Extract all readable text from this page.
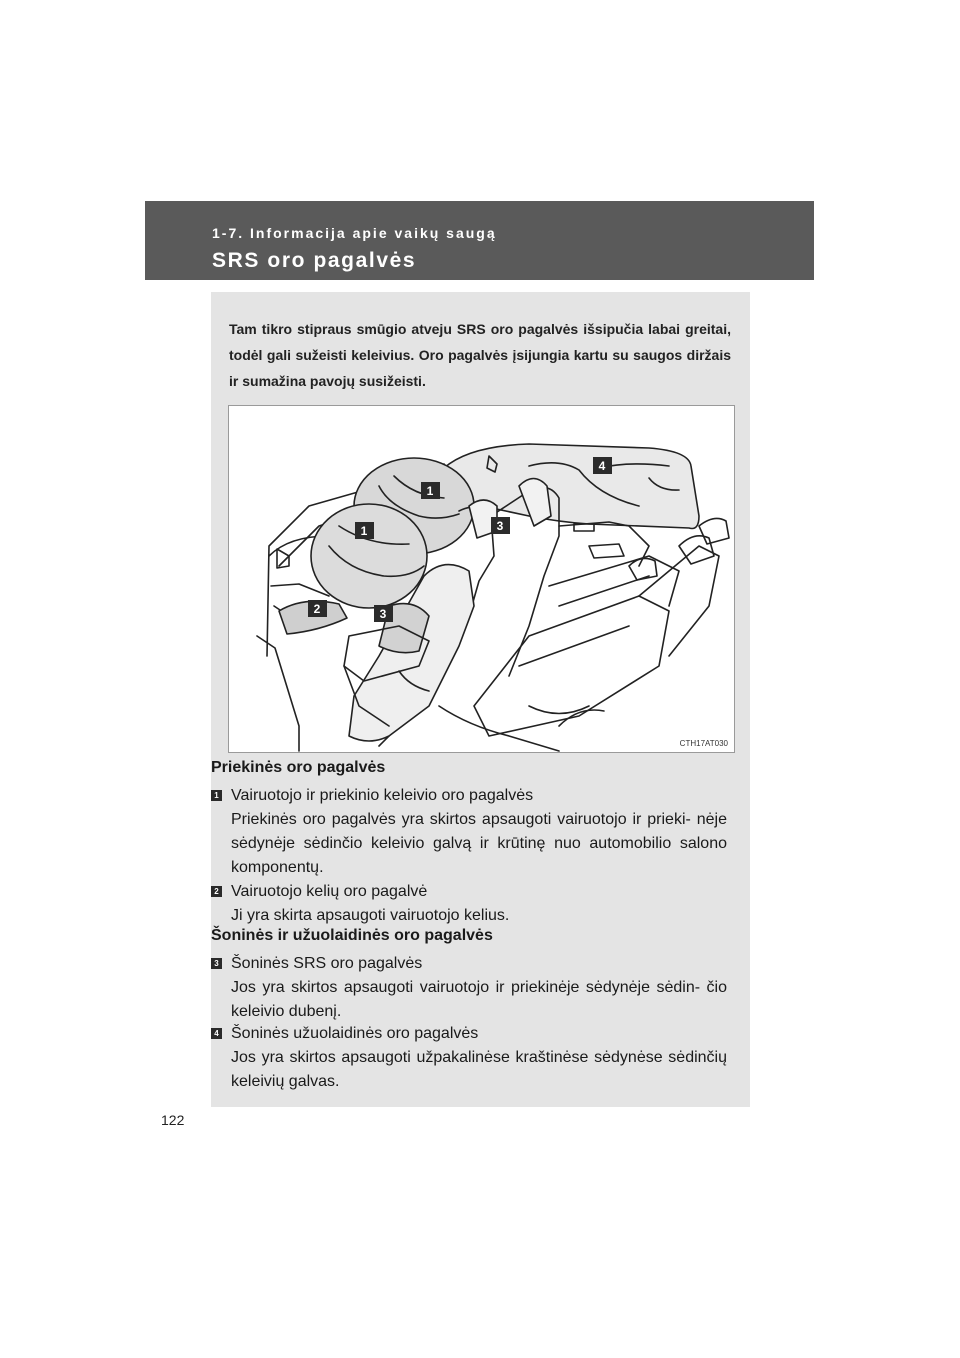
1-7. Informacija apie vaikų saugą
SRS oro pagalvės
Tam tikro stipraus smūgio atveju SRS oro pagalvės išsipučia labai greitai, todėl gali sužeisti keleivius. Oro pagalvės įsijungia kartu su saugos diržais ir sumažina pavojų susižeisti.
1
1
2	3
3
4
CTH17AT030
Priekinės oro pagalvės
1 Vairuotojo ir priekinio keleivio oro pagalvės
Priekinės oro pagalvės yra skirtos apsaugoti vairuotojo ir prieki- nėje sėdynėje sėdinčio keleivio galvą ir krūtinę nuo automobilio salono komponentų.
2 Vairuotojo kelių oro pagalvė
Ji yra skirta apsaugoti vairuotojo kelius.
Šoninės ir užuolaidinės oro pagalvės
3 Šoninės SRS oro pagalvės
Jos yra skirtos apsaugoti vairuotojo ir priekinėje sėdynėje sėdin- čio keleivio dubenį.
4 Šoninės užuolaidinės oro pagalvės
Jos yra skirtos apsaugoti užpakalinėse kraštinėse sėdynėse sėdinčių keleivių galvas.
122
